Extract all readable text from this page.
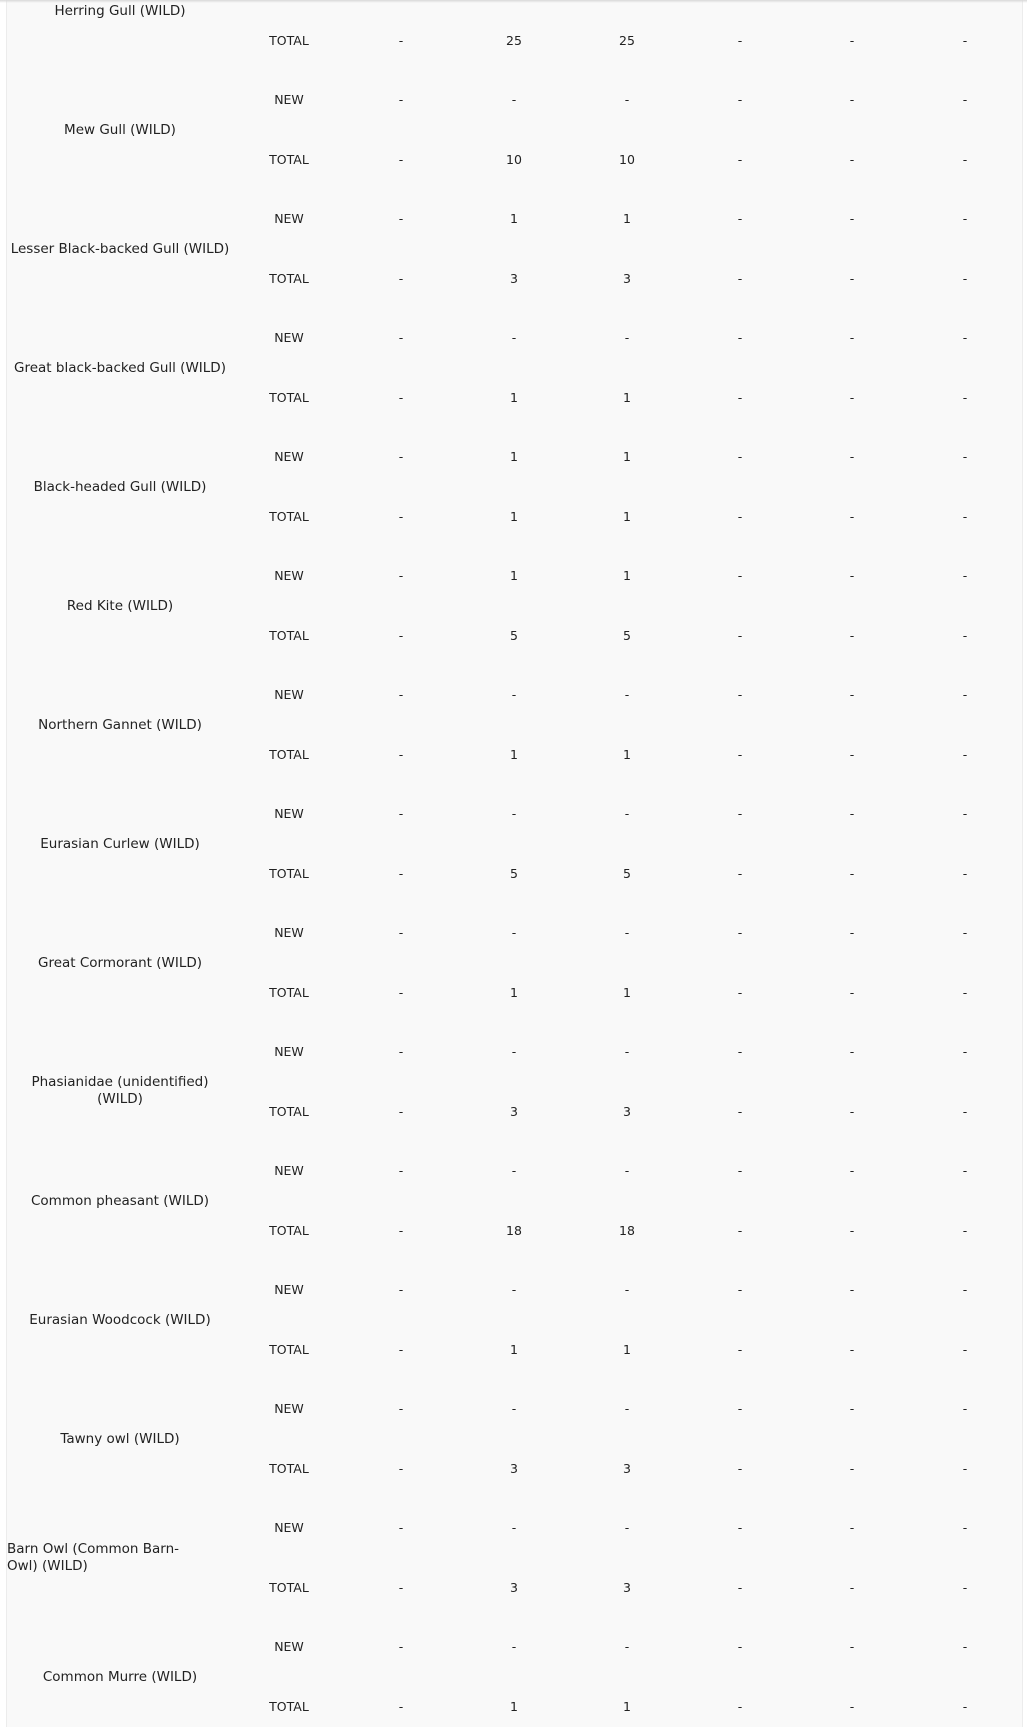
Herring Gull (WILD)
TOTAL	-	25	25	-	-	-
Mew Gull (WILD)
NEW	-	-	-	-	-	-
TOTAL	-	10	10	-	-	-
Lesser Black-backed Gull (WILD)
NEW	-	1	1	-	-	-
TOTAL	-	3	3	-	-	-
Great black-backed Gull (WILD)
NEW	-	-	-	-	-	-
TOTAL	-	1	1	-	-	-
Black-headed Gull (WILD)
NEW	-	1	1	-	-	-
TOTAL	-	1	1	-	-	-
Red Kite (WILD)
NEW	-	1	1	-	-	-
TOTAL	-	5	5	-	-	-
Northern Gannet (WILD)
NEW	-	-	-	-	-	-
TOTAL	-	1	1	-	-	-
Eurasian Curlew (WILD)
NEW	-	-	-	-	-	-
TOTAL	-	5	5	-	-	-
Great Cormorant (WILD)
NEW	-	-	-	-	-	-
TOTAL	-	1	1	-	-	-
Phasianidae (unidentified) (WILD)
NEW	-	-	-	-	-	-
TOTAL	-	3	3	-	-	-
Common pheasant (WILD)
NEW	-	-	-	-	-	-
TOTAL	-	18	18	-	-	-
Eurasian Woodcock (WILD)
NEW	-	-	-	-	-	-
TOTAL	-	1	1	-	-	-
Tawny owl (WILD)
NEW	-	-	-	-	-	-
TOTAL	-	3	3	-	-	-
Barn Owl (Common Barn-Owl) (WILD)
NEW	-	-	-	-	-	-
TOTAL	-	3	3	-	-	-
Common Murre (WILD)
NEW	-	-	-	-	-	-
TOTAL	-	1	1	-	-	-
